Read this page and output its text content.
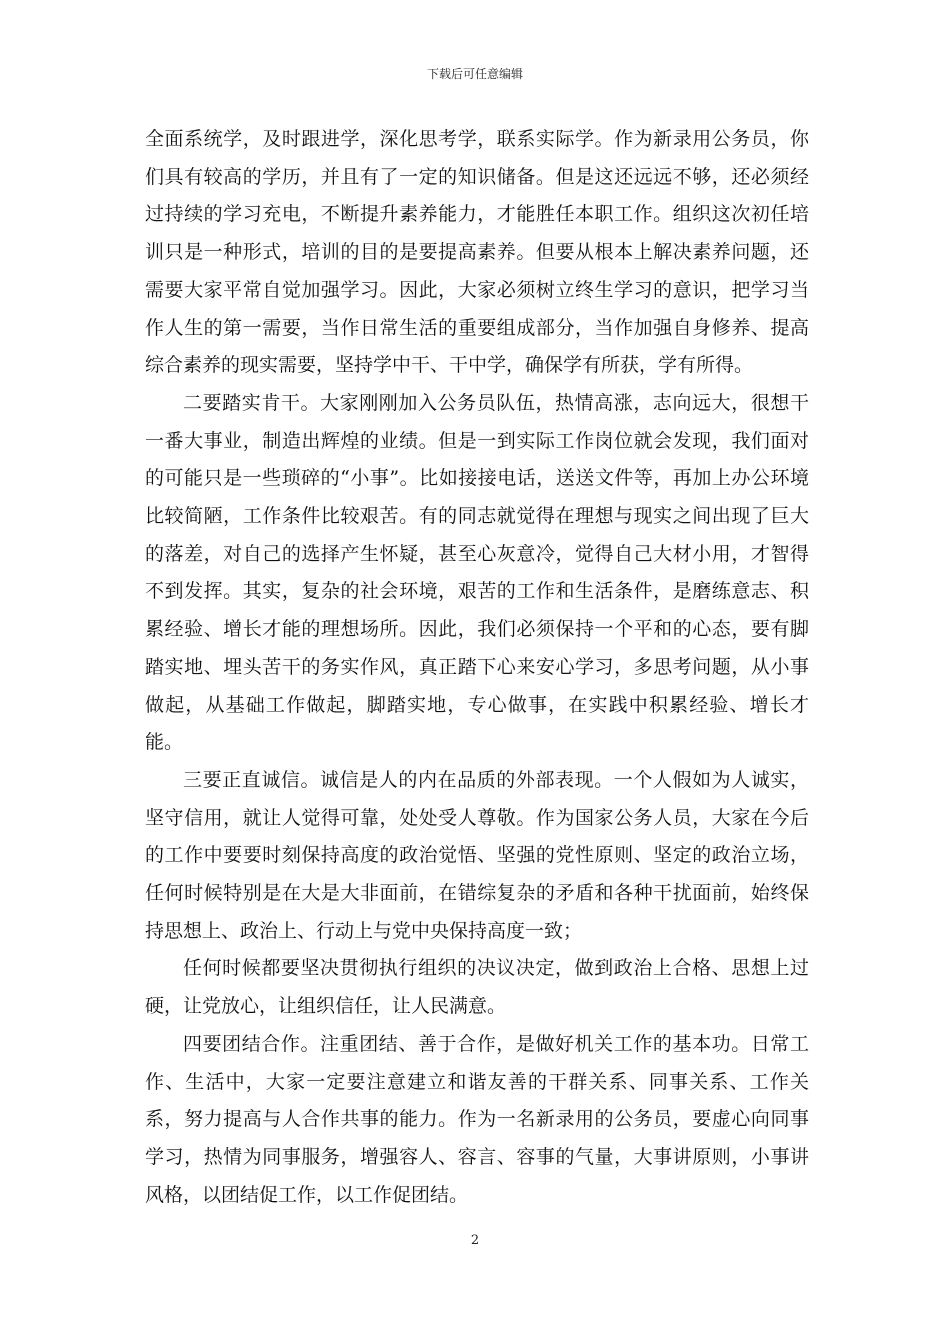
下载后可任意编辑

全面系统学，及时跟进学，深化思考学，联系实际学。作为新录用公务员，你们具有较高的学历，并且有了一定的知识储备。但是这还远远不够，还必须经过持续的学习充电，不断提升素养能力，才能胜任本职工作。组织这次初任培训只是一种形式，培训的目的是要提高素养。但要从根本上解决素养问题，还需要大家平常自觉加强学习。因此，大家必须树立终生学习的意识，把学习当作人生的第一需要，当作日常生活的重要组成部分，当作加强自身修养、提高综合素养的现实需要，坚持学中干、干中学，确保学有所获，学有所得。

二要踏实肯干。大家刚刚加入公务员队伍，热情高涨，志向远大，很想干一番大事业，制造出辉煌的业绩。但是一到实际工作岗位就会发现，我们面对的可能只是一些琐碎的“小事”。比如接接电话，送送文件等，再加上办公环境比较简陋，工作条件比较艰苦。有的同志就觉得在理想与现实之间出现了巨大的落差，对自己的选择产生怀疑，甚至心灰意冷，觉得自己大材小用，才智得不到发挥。其实，复杂的社会环境，艰苦的工作和生活条件，是磨练意志、积累经验、增长才能的理想场所。因此，我们必须保持一个平和的心态，要有脚踏实地、埋头苦干的务实作风，真正踏下心来安心学习，多思考问题，从小事做起，从基础工作做起，脚踏实地，专心做事，在实践中积累经验、增长才能。

三要正直诚信。诚信是人的内在品质的外部表现。一个人假如为人诚实，坚守信用，就让人觉得可靠，处处受人尊敬。作为国家公务人员，大家在今后的工作中要要时刻保持高度的政治觉悟、坚强的党性原则、坚定的政治立场，任何时候特别是在大是大非面前，在错综复杂的矛盾和各种干扰面前，始终保持思想上、政治上、行动上与党中央保持高度一致；

任何时候都要坚决贯彻执行组织的决议决定，做到政治上合格、思想上过硬，让党放心，让组织信任，让人民满意。

四要团结合作。注重团结、善于合作，是做好机关工作的基本功。日常工作、生活中，大家一定要注意建立和谐友善的干群关系、同事关系、工作关系，努力提高与人合作共事的能力。作为一名新录用的公务员，要虚心向同事学习，热情为同事服务，增强容人、容言、容事的气量，大事讲原则，小事讲风格，以团结促工作，以工作促团结。

2
